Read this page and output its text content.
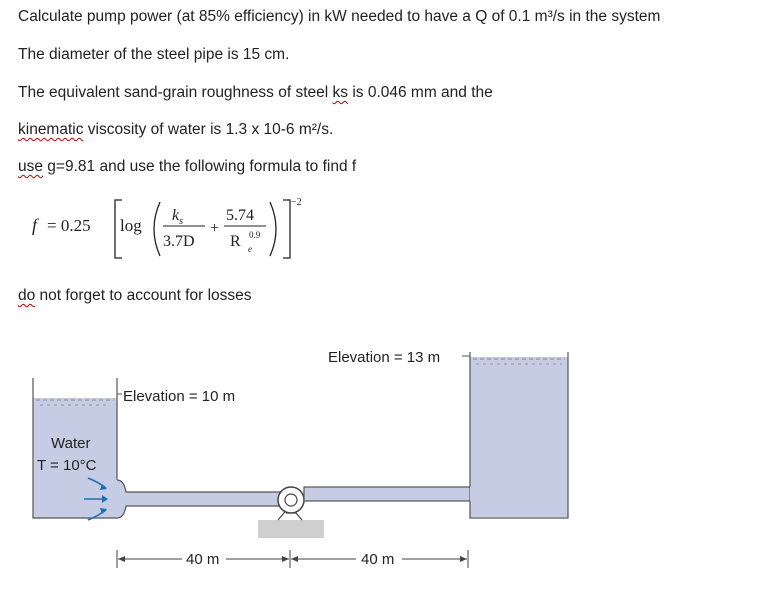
Calculate pump power (at 85% efficiency) in kW needed to have a Q of 0.1 m³/s in the system
The diameter of the steel pipe is 15 cm.
The equivalent sand-grain roughness of steel ks is 0.046 mm and the
kinematic viscosity of water is 1.3 x 10-6 m²/s.
use g=9.81 and use the following formula to find f
f = 0.25 log
$k_s$
3.7D
+
5.74
R 0.9
e
−2
do not forget to account for losses
Elevation = 10 m
Water
T = 10°C
Elevation = 13 m
40 m	40 m
